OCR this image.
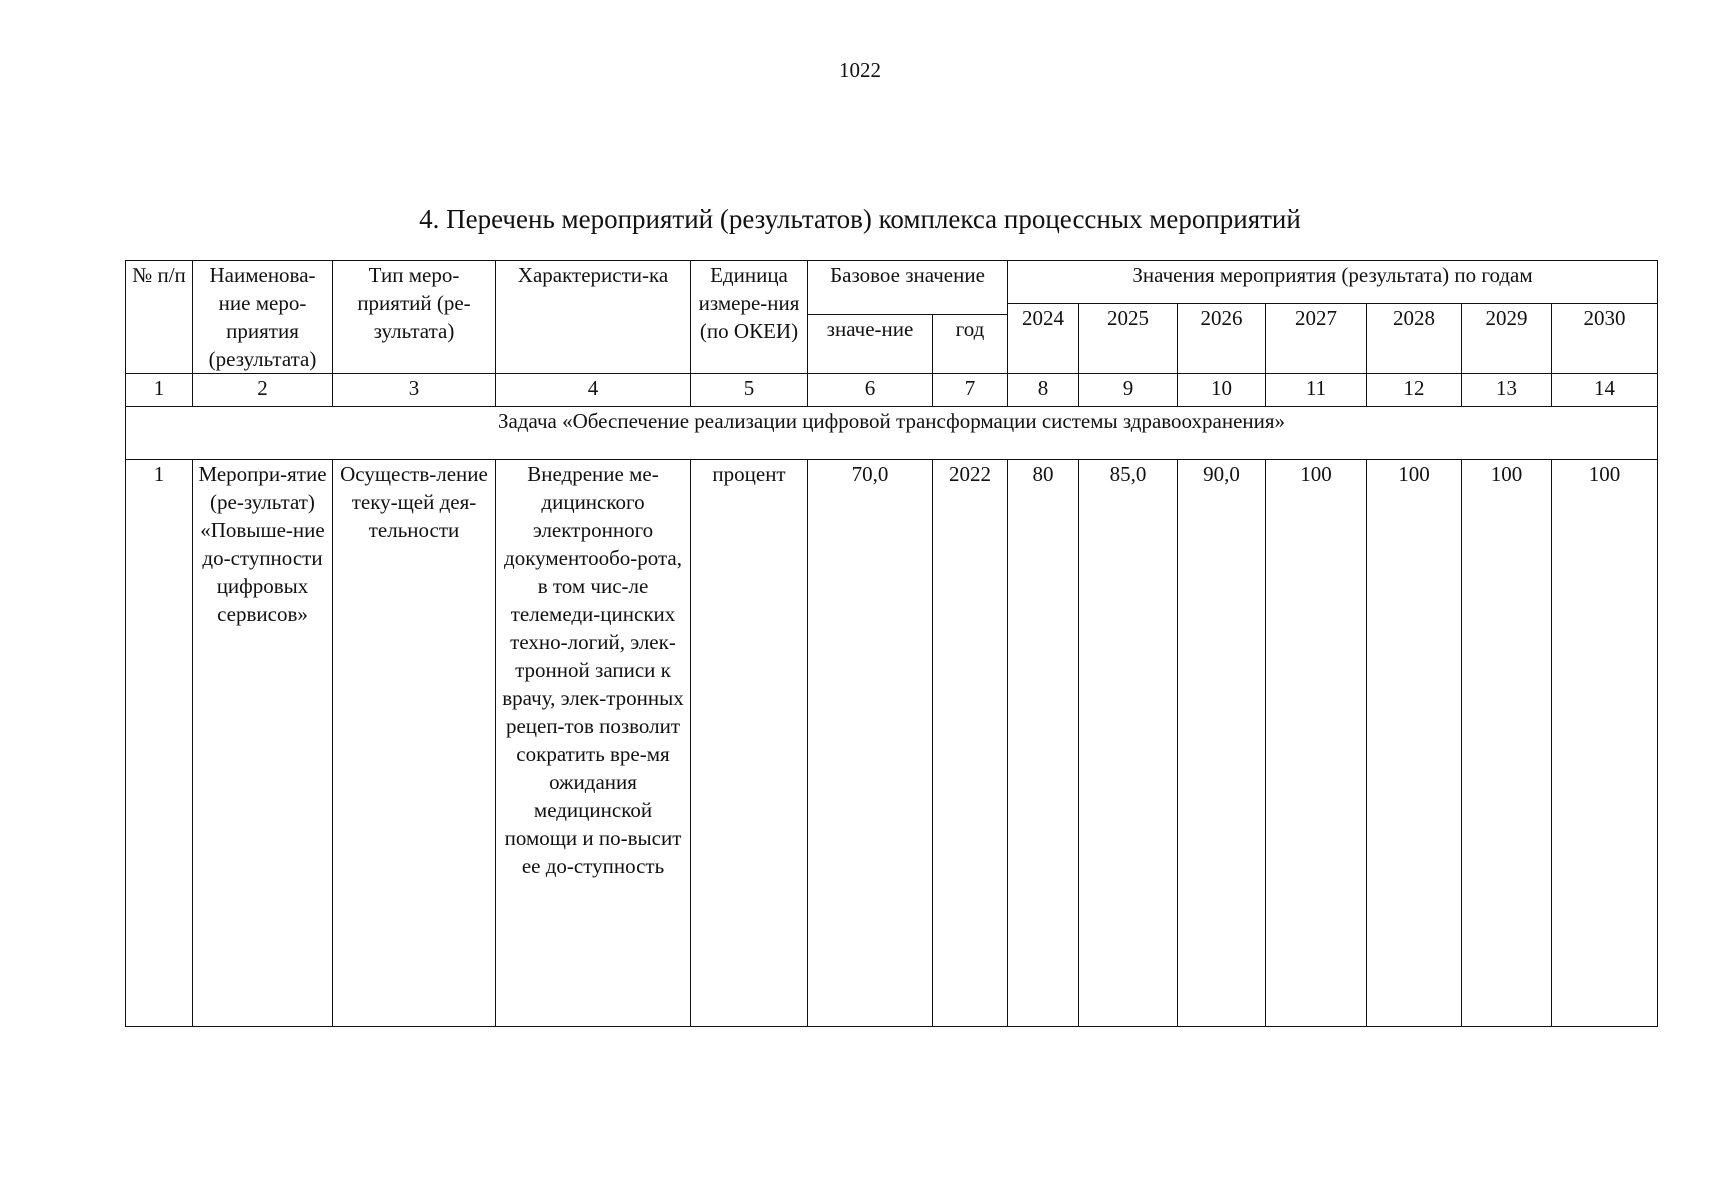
1022
4. Перечень мероприятий (результатов) комплекса процессных мероприятий
№ п/п	Наименова-ние меро-приятия (результата)	Тип меро-приятий (ре-зультата)	Характеристи-ка	Единица измере-ния (по ОКЕИ)	Базовое значение		Значения мероприятия (результата) по годам						

							2024	2025	2026	2027	2028	2029	2030
					значе-ние	год							
1	2	3	4	5	6	7	8	9	10	11	12	13	14
Задача «Обеспечение реализации цифровой трансформации системы здравоохранения»													
1	Меропри-ятие (ре-зультат) «Повыше-ние до-ступности цифровых сервисов»	Осуществ-ление теку-щей дея-тельности	Внедрение ме-дицинского электронного документообо-рота, в том чис-ле телемеди-цинских техно-логий, элек-тронной записи к врачу, элек-тронных рецеп-тов позволит сократить вре-мя ожидания медицинской помощи и по-высит ее до-ступность	процент	70,0	2022	80	85,0	90,0	100	100	100	100
